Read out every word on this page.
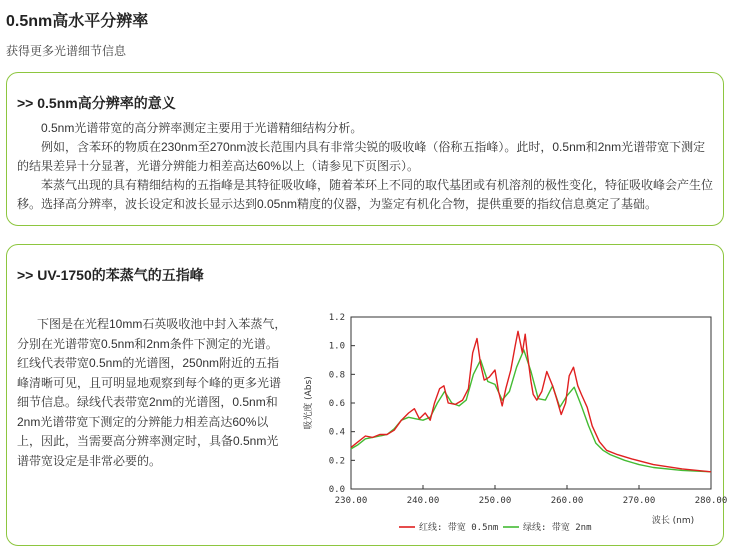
0.5nm高水平分辨率
获得更多光谱细节信息
>> 0.5nm高分辨率的意义

0.5nm光谱带宽的高分辨率测定主要用于光谱精细结构分析。

例如，含苯环的物质在230nm至270nm波长范围内具有非常尖锐的吸收峰（俗称五指峰）。此时，0.5nm和2nm光谱带宽下测定的结果差异十分显著，光谱分辨能力相差高达60%以上（请参见下页图示）。

苯蒸气出现的具有精细结构的五指峰是其特征吸收峰，随着苯环上不同的取代基团或有机溶剂的极性变化，特征吸收峰会产生位移。选择高分辨率，波长设定和波长显示达到0.05nm精度的仪器，为鉴定有机化合物，提供重要的指纹信息奠定了基础。

>> UV-1750的苯蒸气的五指峰
下图是在光程10mm石英吸收池中封入苯蒸气，分别在光谱带宽0.5nm和2nm条件下测定的光谱。红线代表带宽0.5nm的光谱图，250nm附近的五指峰清晰可见，且可明显地观察到每个峰的更多光谱细节信息。绿线代表带宽2nm的光谱图，0.5nm和2nm光谱带宽下测定的分辨能力相差高达60%以上，因此，当需要高分辨率测定时，具备0.5nm光谱带宽设定是非常必要的。
0.0
0.2
0.4
0.6
0.8
1.0
1.2
230.00	240.00	250.00	260.00	270.00	280.00
吸光度 (Abs)
波长 (nm)
红线: 带宽 0.5nm	绿线: 带宽 2nm
